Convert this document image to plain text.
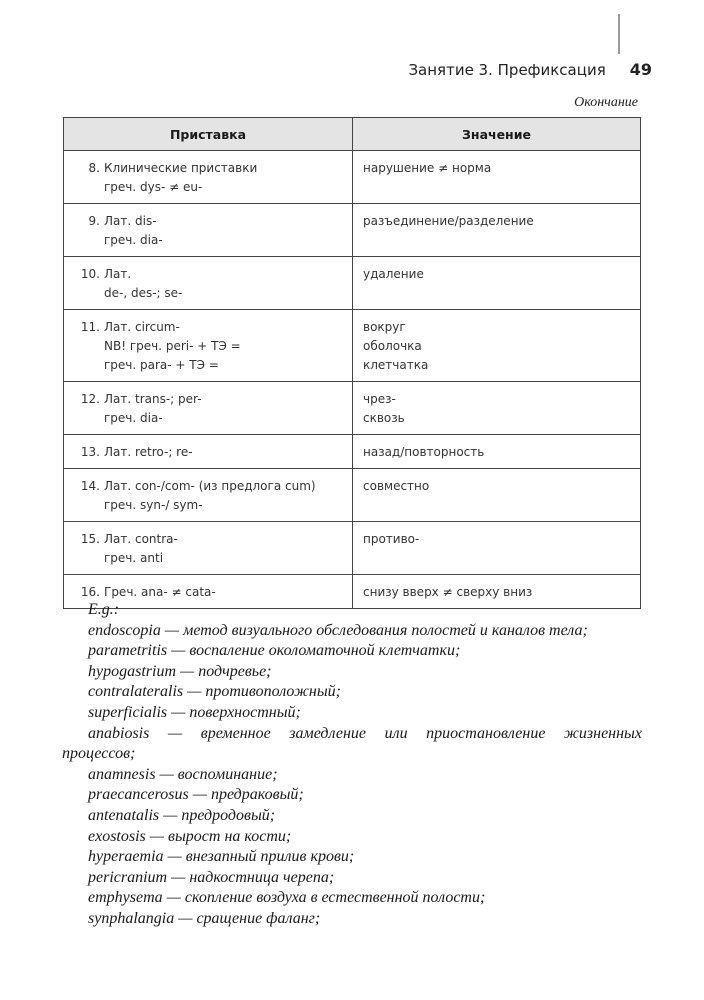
Занятие 3. Префиксация 49
Окончание
Приставка	Значение

8. Клинические приставки
греч. dys- ≠ eu-	нарушение ≠ норма

9. Лат. dis-
греч. dia-	разъединение/разделение

10. Лат.
de-, des-; se-	удаление

11. Лат. circum-
NB! греч. peri- + ТЭ =
греч. para- + ТЭ =	вокруг
оболочка
клетчатка

12. Лат. trans-; per-
греч. dia-	чрез-
сквозь

13. Лат. retro-; re-	назад/повторность

14. Лат. con-/com- (из предлога cum)
греч. syn-/ sym-	совместно

15. Лат. contra-
греч. anti	противо-

16. Греч. ana- ≠ cata-	снизу вверх ≠ сверху вниз
E.g.:
endoscopia — метод визуального обследования полостей и каналов тела;
parametritis — воспаление околоматочной клетчатки;
hypogastrium — подчревье;
contralateralis — противоположный;
superficialis — поверхностный;
anabiosis — временное замедление или приостановление жизненных
процессов;
anamnesis — воспоминание;
praecancerosus — предраковый;
antenatalis — предродовый;
exostosis — вырост на кости;
hyperaemia — внезапный прилив крови;
pericranium — надкостница черепа;
emphysema — скопление воздуха в естественной полости;
synphalangia — сращение фаланг;
